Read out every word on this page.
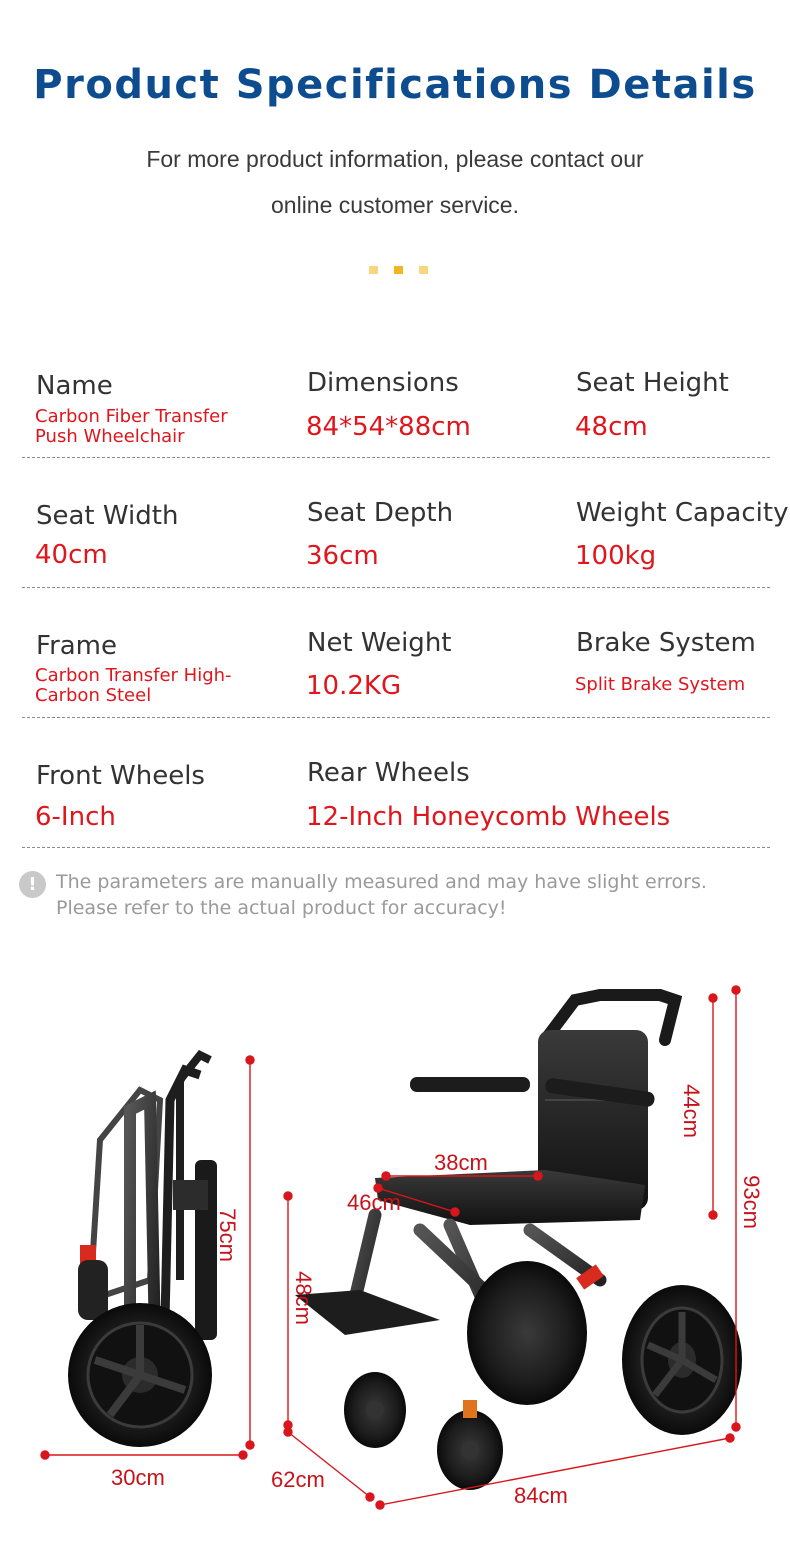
Product Specifications Details
For more product information, please contact our
online customer service.
Name
Carbon Fiber Transfer Push Wheelchair
Dimensions
84*54*88cm
Seat Height
48cm
Seat Width
40cm
Seat Depth
36cm
Weight Capacity
100kg
Frame
Carbon Transfer High-Carbon Steel
Net Weight
10.2KG
Brake System
Split Brake System
Front Wheels
6-Inch
Rear Wheels
12-Inch Honeycomb Wheels
!	The parameters are manually measured and may have slight errors.
Please refer to the actual product for accuracy!
75cm
30cm
44cm
93cm
38cm
46cm
48cm
62cm
84cm
